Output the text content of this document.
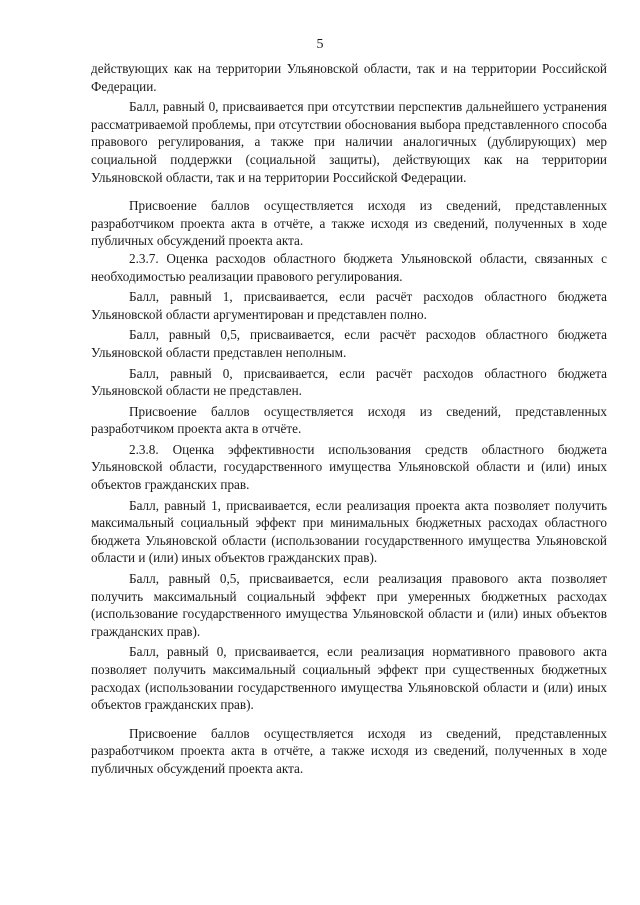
5

действующих как на территории Ульяновской области, так и на территории Российской Федерации.

Балл, равный 0, присваивается при отсутствии перспектив дальнейшего устранения рассматриваемой проблемы, при отсутствии обоснования выбора представленного способа правового регулирования, а также при наличии аналогичных (дублирующих) мер социальной поддержки (социальной защиты), действующих как на территории Ульяновской области, так и на территории Российской Федерации.

Присвоение баллов осуществляется исходя из сведений, представленных разработчиком проекта акта в отчёте, а также исходя из сведений, полученных в ходе публичных обсуждений проекта акта.

2.3.7. Оценка расходов областного бюджета Ульяновской области, связанных с необходимостью реализации правового регулирования.

Балл, равный 1, присваивается, если расчёт расходов областного бюджета Ульяновской области аргументирован и представлен полно.

Балл, равный 0,5, присваивается, если расчёт расходов областного бюджета Ульяновской области представлен неполным.

Балл, равный 0, присваивается, если расчёт расходов областного бюджета Ульяновской области не представлен.

Присвоение баллов осуществляется исходя из сведений, представленных разработчиком проекта акта в отчёте.

2.3.8. Оценка эффективности использования средств областного бюджета Ульяновской области, государственного имущества Ульяновской области и (или) иных объектов гражданских прав.

Балл, равный 1, присваивается, если реализация проекта акта позволяет получить максимальный социальный эффект при минимальных бюджетных расходах областного бюджета Ульяновской области (использовании государственного имущества Ульяновской области и (или) иных объектов гражданских прав).

Балл, равный 0,5, присваивается, если реализация правового акта позволяет получить максимальный социальный эффект при умеренных бюджетных расходах (использование государственного имущества Ульяновской области и (или) иных объектов гражданских прав).

Балл, равный 0, присваивается, если реализация нормативного правового акта позволяет получить максимальный социальный эффект при существенных бюджетных расходах (использовании государственного имущества Ульяновской области и (или) иных объектов гражданских прав).

Присвоение баллов осуществляется исходя из сведений, представленных разработчиком проекта акта в отчёте, а также исходя из сведений, полученных в ходе публичных обсуждений проекта акта.
